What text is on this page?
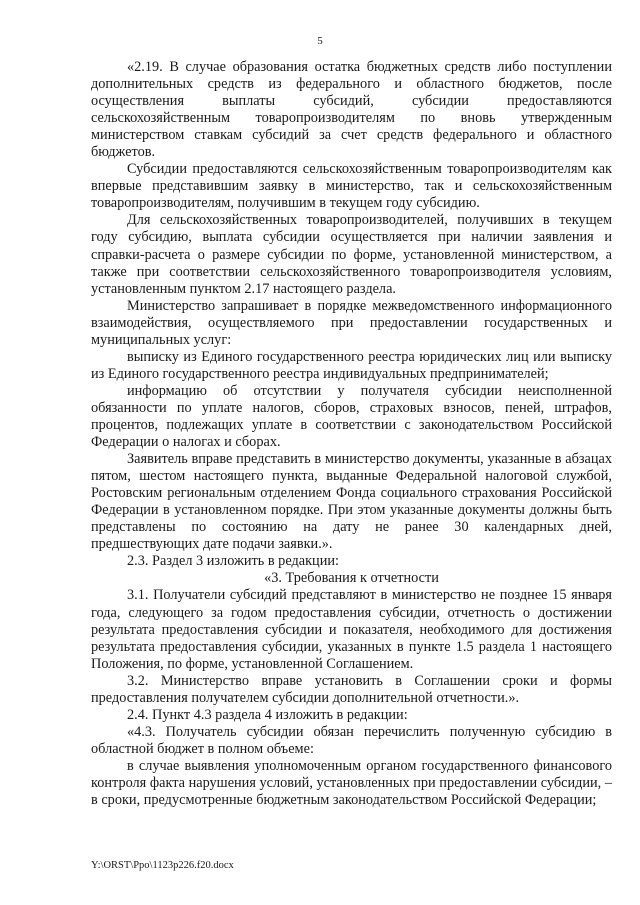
5

«2.19. В случае образования остатка бюджетных средств либо поступлении дополнительных средств из федерального и областного бюджетов, после осуществления выплаты субсидий, субсидии предоставляются сельскохозяйственным товаропроизводителям по вновь утвержденным министерством ставкам субсидий за счет средств федерального и областного бюджетов.

Субсидии предоставляются сельскохозяйственным товаропроизводителям как впервые представившим заявку в министерство, так и сельскохозяйственным товаропроизводителям, получившим в текущем году субсидию.

Для сельскохозяйственных товаропроизводителей, получивших в текущем году субсидию, выплата субсидии осуществляется при наличии заявления и справки-расчета о размере субсидии по форме, установленной министерством, а также при соответствии сельскохозяйственного товаропроизводителя условиям, установленным пунктом 2.17 настоящего раздела.

Министерство запрашивает в порядке межведомственного информационного взаимодействия, осуществляемого при предоставлении государственных и муниципальных услуг:

выписку из Единого государственного реестра юридических лиц или выписку из Единого государственного реестра индивидуальных предпринимателей;

информацию об отсутствии у получателя субсидии неисполненной обязанности по уплате налогов, сборов, страховых взносов, пеней, штрафов, процентов, подлежащих уплате в соответствии с законодательством Российской Федерации о налогах и сборах.

Заявитель вправе представить в министерство документы, указанные в абзацах пятом, шестом настоящего пункта, выданные Федеральной налоговой службой, Ростовским региональным отделением Фонда социального страхования Российской Федерации в установленном порядке. При этом указанные документы должны быть представлены по состоянию на дату не ранее 30 календарных дней, предшествующих дате подачи заявки.».

2.3. Раздел 3 изложить в редакции:

«3. Требования к отчетности

3.1. Получатели субсидий представляют в министерство не позднее 15 января года, следующего за годом предоставления субсидии, отчетность о достижении результата предоставления субсидии и показателя, необходимого для достижения результата предоставления субсидии, указанных в пункте 1.5 раздела 1 настоящего Положения, по форме, установленной Соглашением.

3.2. Министерство вправе установить в Соглашении сроки и формы предоставления получателем субсидии дополнительной отчетности.».

2.4. Пункт 4.3 раздела 4 изложить в редакции:

«4.3. Получатель субсидии обязан перечислить полученную субсидию в областной бюджет в полном объеме:

в случае выявления уполномоченным органом государственного финансового контроля факта нарушения условий, установленных при предоставлении субсидии, – в сроки, предусмотренные бюджетным законодательством Российской Федерации;

Y:\ORST\Ppo\1123p226.f20.docx
